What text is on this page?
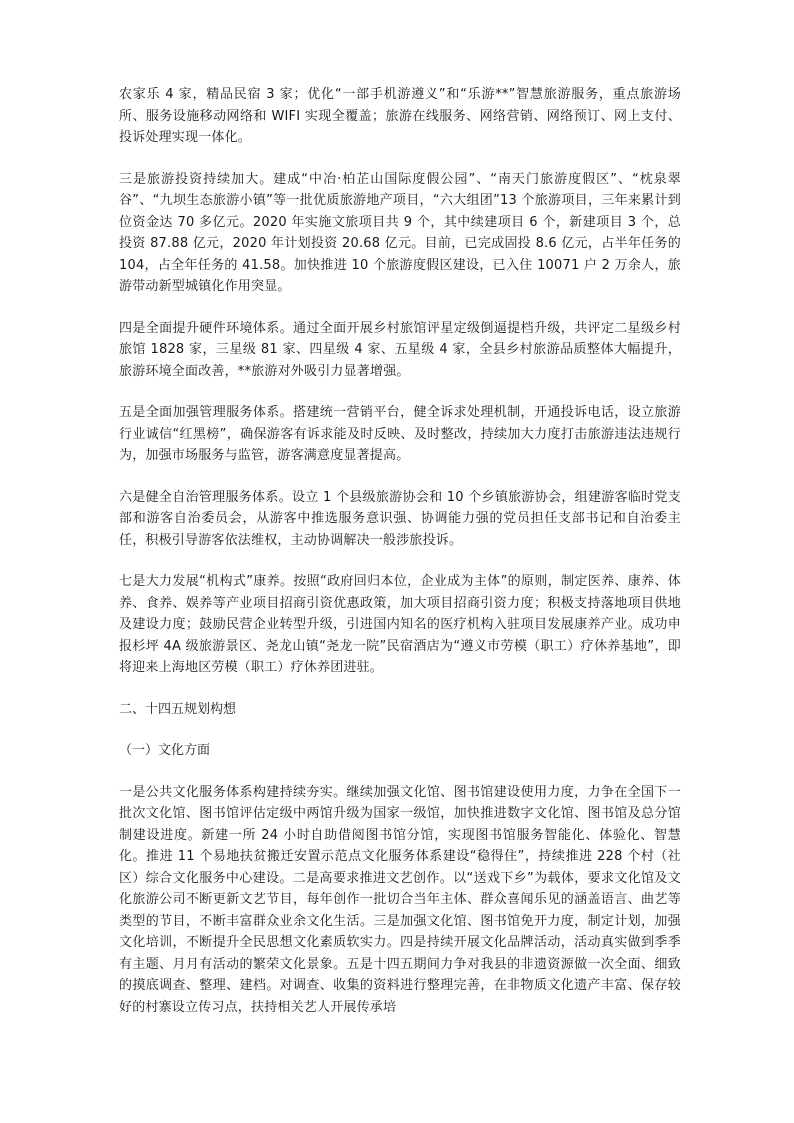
农家乐 4 家，精品民宿 3 家；优化“一部手机游遵义”和“乐游**”智慧旅游服务，重点旅游场所、服务设施移动网络和 WIFI 实现全覆盖；旅游在线服务、网络营销、网络预订、网上支付、投诉处理实现一体化。

三是旅游投资持续加大。建成“中冶·柏芷山国际度假公园”、“南天门旅游度假区”、“枕泉翠谷”、“九坝生态旅游小镇”等一批优质旅游地产项目，“六大组团”13 个旅游项目，三年来累计到位资金达 70 多亿元。2020 年实施文旅项目共 9 个，其中续建项目 6 个，新建项目 3 个，总投资 87.88 亿元，2020 年计划投资 20.68 亿元。目前，已完成固投 8.6 亿元，占半年任务的 104，占全年任务的 41.58。加快推进 10 个旅游度假区建设，已入住 10071 户 2 万余人，旅游带动新型城镇化作用突显。

四是全面提升硬件环境体系。通过全面开展乡村旅馆评星定级倒逼提档升级，共评定二星级乡村旅馆 1828 家，三星级 81 家、四星级 4 家、五星级 4 家，全县乡村旅游品质整体大幅提升，旅游环境全面改善，**旅游对外吸引力显著增强。

五是全面加强管理服务体系。搭建统一营销平台，健全诉求处理机制，开通投诉电话，设立旅游行业诚信“红黑榜”，确保游客有诉求能及时反映、及时整改，持续加大力度打击旅游违法违规行为，加强市场服务与监管，游客满意度显著提高。

六是健全自治管理服务体系。设立 1 个县级旅游协会和 10 个乡镇旅游协会，组建游客临时党支部和游客自治委员会，从游客中推选服务意识强、协调能力强的党员担任支部书记和自治委主任，积极引导游客依法维权，主动协调解决一般涉旅投诉。

七是大力发展“机构式”康养。按照“政府回归本位，企业成为主体”的原则，制定医养、康养、体养、食养、娱养等产业项目招商引资优惠政策，加大项目招商引资力度；积极支持落地项目供地及建设力度；鼓励民营企业转型升级，引进国内知名的医疗机构入驻项目发展康养产业。成功申报杉坪 4A 级旅游景区、尧龙山镇“尧龙一院”民宿酒店为“遵义市劳模（职工）疗休养基地”，即将迎来上海地区劳模（职工）疗休养团进驻。

二、十四五规划构想

（一）文化方面

一是公共文化服务体系构建持续夯实。继续加强文化馆、图书馆建设使用力度，力争在全国下一批次文化馆、图书馆评估定级中两馆升级为国家一级馆，加快推进数字文化馆、图书馆及总分馆制建设进度。新建一所 24 小时自助借阅图书馆分馆，实现图书馆服务智能化、体验化、智慧化。推进 11 个易地扶贫搬迁安置示范点文化服务体系建设“稳得住”，持续推进 228 个村（社区）综合文化服务中心建设。二是高要求推进文艺创作。以“送戏下乡”为载体，要求文化馆及文化旅游公司不断更新文艺节目，每年创作一批切合当年主体、群众喜闻乐见的涵盖语言、曲艺等类型的节目，不断丰富群众业余文化生活。三是加强文化馆、图书馆免开力度，制定计划，加强文化培训，不断提升全民思想文化素质软实力。四是持续开展文化品牌活动，活动真实做到季季有主题、月月有活动的繁荣文化景象。五是十四五期间力争对我县的非遗资源做一次全面、细致的摸底调查、整理、建档。对调查、收集的资料进行整理完善，在非物质文化遗产丰富、保存较好的村寨设立传习点，扶持相关艺人开展传承培
